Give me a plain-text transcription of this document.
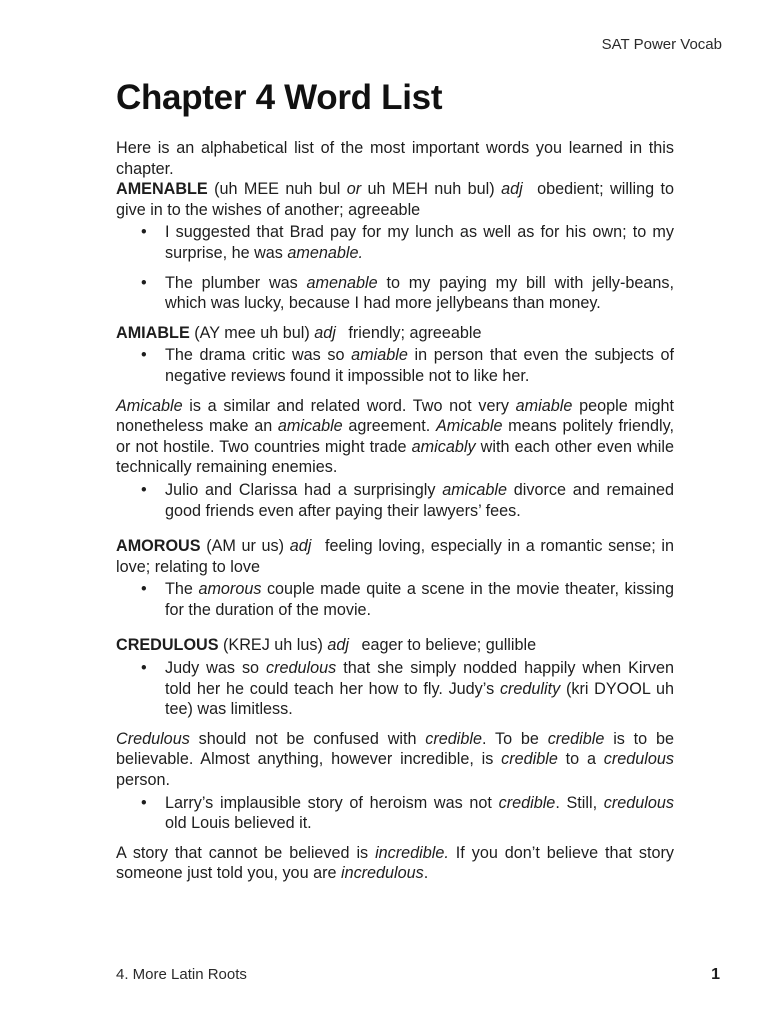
SAT Power Vocab
Chapter 4 Word List

Here is an alphabetical list of the most important words you learned in this chapter.

AMENABLE (uh MEE nuh bul or uh MEH nuh bul) adj obedient; willing to give in to the wishes of another; agreeable

• I suggested that Brad pay for my lunch as well as for his own; to my surprise, he was amenable.
• The plumber was amenable to my paying my bill with jelly-beans, which was lucky, because I had more jellybeans than money.

AMIABLE (AY mee uh bul) adj friendly; agreeable

• The drama critic was so amiable in person that even the subjects of negative reviews found it impossible not to like her.

Amicable is a similar and related word. Two not very amiable people might nonetheless make an amicable agreement. Amicable means politely friendly, or not hostile. Two countries might trade amicably with each other even while technically remaining enemies.

• Julio and Clarissa had a surprisingly amicable divorce and remained good friends even after paying their lawyers’ fees.

AMOROUS (AM ur us) adj feeling loving, especially in a romantic sense; in love; relating to love

• The amorous couple made quite a scene in the movie theater, kissing for the duration of the movie.

CREDULOUS (KREJ uh lus) adj eager to believe; gullible

• Judy was so credulous that she simply nodded happily when Kirven told her he could teach her how to fly. Judy’s credulity (kri DYOOL uh tee) was limitless.

Credulous should not be confused with credible. To be credible is to be believable. Almost anything, however incredible, is credible to a credulous person.

• Larry’s implausible story of heroism was not credible. Still, credulous old Louis believed it.

A story that cannot be believed is incredible. If you don’t believe that story someone just told you, you are incredulous.

4. More Latin Roots	1
